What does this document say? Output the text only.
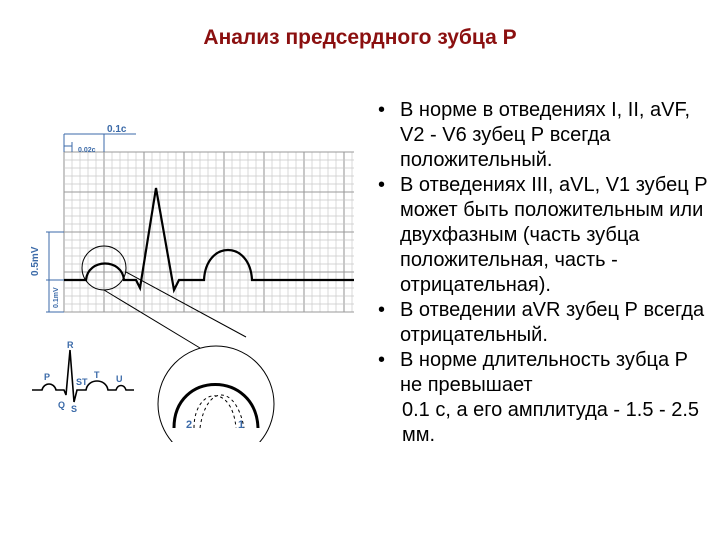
Анализ предсердного зубца Р
0.1c
0.02c
0.5mV
0.1mV
2	1
P
Q
R
S
ST
T U
• В норме в отведениях I, II, aVF, V2 - V6 зубец Р всегда положительный.
• В отведениях III, aVL, V1 зубец Р может быть положительным или двухфазным (часть зубца положительная, часть - отрицательная).
• В отведении aVR зубец Р всегда отрицательный.
• В норме длительность зубца Р не превышает
0.1 с, а его амплитуда - 1.5 - 2.5 мм.
